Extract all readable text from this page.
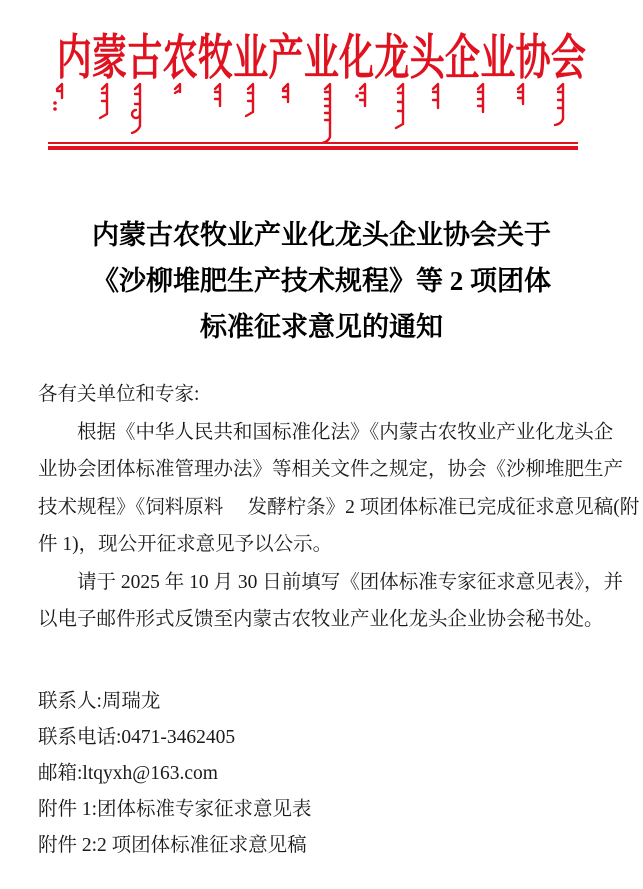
内蒙古农牧业产业化龙头企业协会
内蒙古农牧业产业化龙头企业协会关于
《沙柳堆肥生产技术规程》等 2 项团体
标准征求意见的通知
各有关单位和专家:
根据《中华人民共和国标准化法》《内蒙古农牧业产业化龙头企
业协会团体标准管理办法》等相关文件之规定，协会《沙柳堆肥生产
技术规程》《饲料原料　 发酵柠条》2 项团体标准已完成征求意见稿(附
件 1)，现公开征求意见予以公示。
请于 2025 年 10 月 30 日前填写《团体标准专家征求意见表》，并
以电子邮件形式反馈至内蒙古农牧业产业化龙头企业协会秘书处。
联系人:周瑞龙
联系电话:0471-3462405
邮箱:ltqyxh@163.com
附件 1:团体标准专家征求意见表
附件 2:2 项团体标准征求意见稿
